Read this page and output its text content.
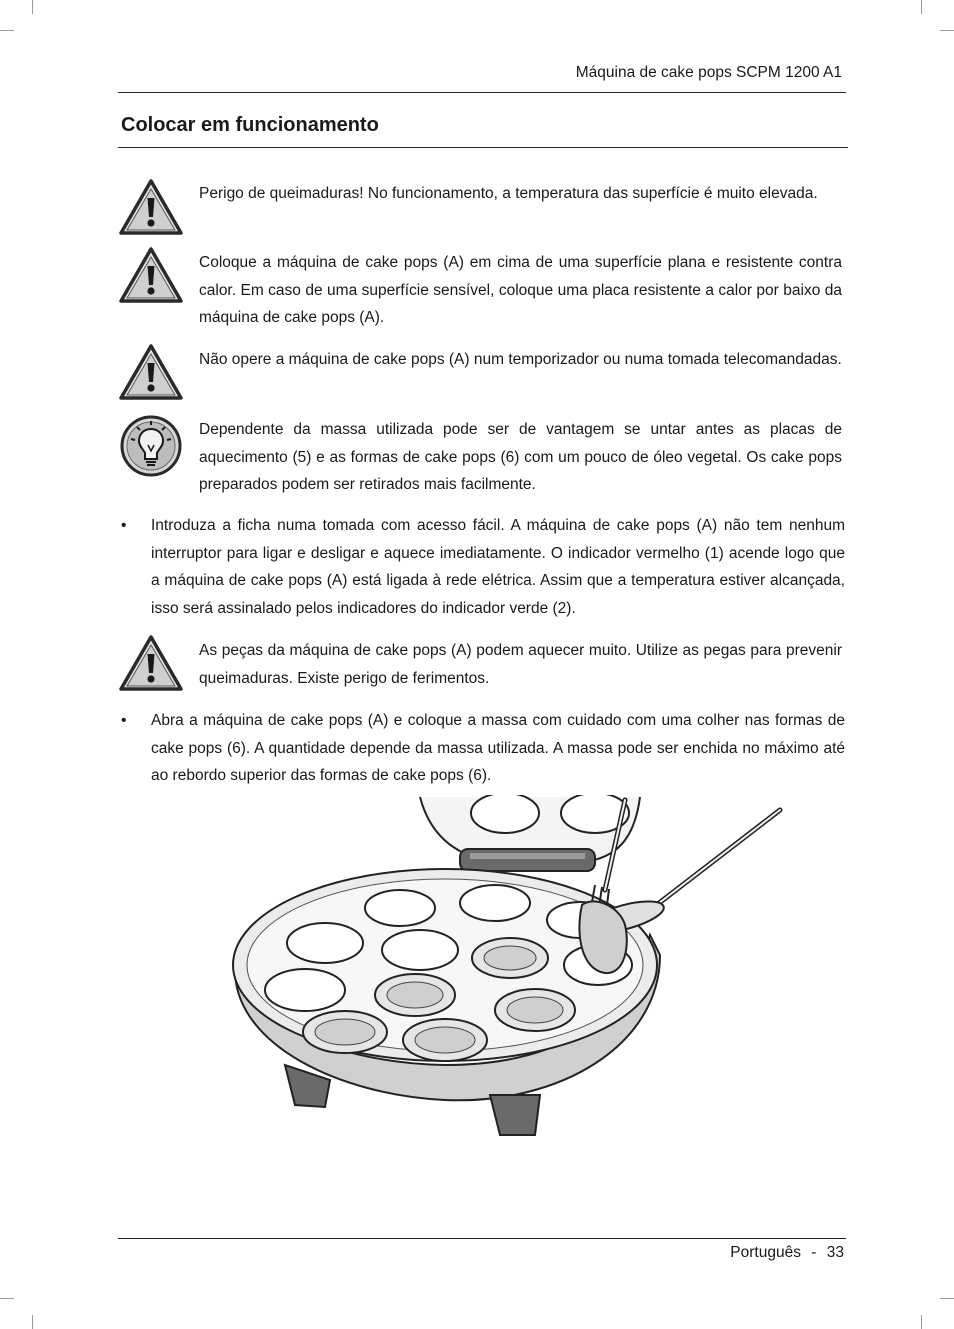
Máquina de cake pops SCPM 1200 A1
Colocar em funcionamento

Perigo de queimaduras! No funcionamento, a temperatura das superfície é muito elevada.

Coloque a máquina de cake pops (A) em cima de uma superfície plana e resistente contra calor. Em caso de uma superfície sensível, coloque uma placa resistente a calor por baixo da máquina de cake pops (A).

Não opere a máquina de cake pops (A) num temporizador ou numa tomada telecomandadas.

Dependente da massa utilizada pode ser de vantagem se untar antes as placas de aquecimento (5) e as formas de cake pops (6) com um pouco de óleo vegetal. Os cake pops preparados podem ser retirados mais facilmente.

• Introduza a ficha numa tomada com acesso fácil. A máquina de cake pops (A) não tem nenhum interruptor para ligar e desligar e aquece imediatamente. O indicador vermelho (1) acende logo que a máquina de cake pops (A) está ligada à rede elétrica. Assim que a temperatura estiver alcançada, isso será assinalado pelos indicadores do indicador verde (2).

As peças da máquina de cake pops (A) podem aquecer muito. Utilize as pegas para prevenir queimaduras. Existe perigo de ferimentos.

• Abra a máquina de cake pops (A) e coloque a massa com cuidado com uma colher nas formas de cake pops (6). A quantidade depende da massa utilizada. A massa pode ser enchida no máximo até ao rebordo superior das formas de cake pops (6).
Português - 33
